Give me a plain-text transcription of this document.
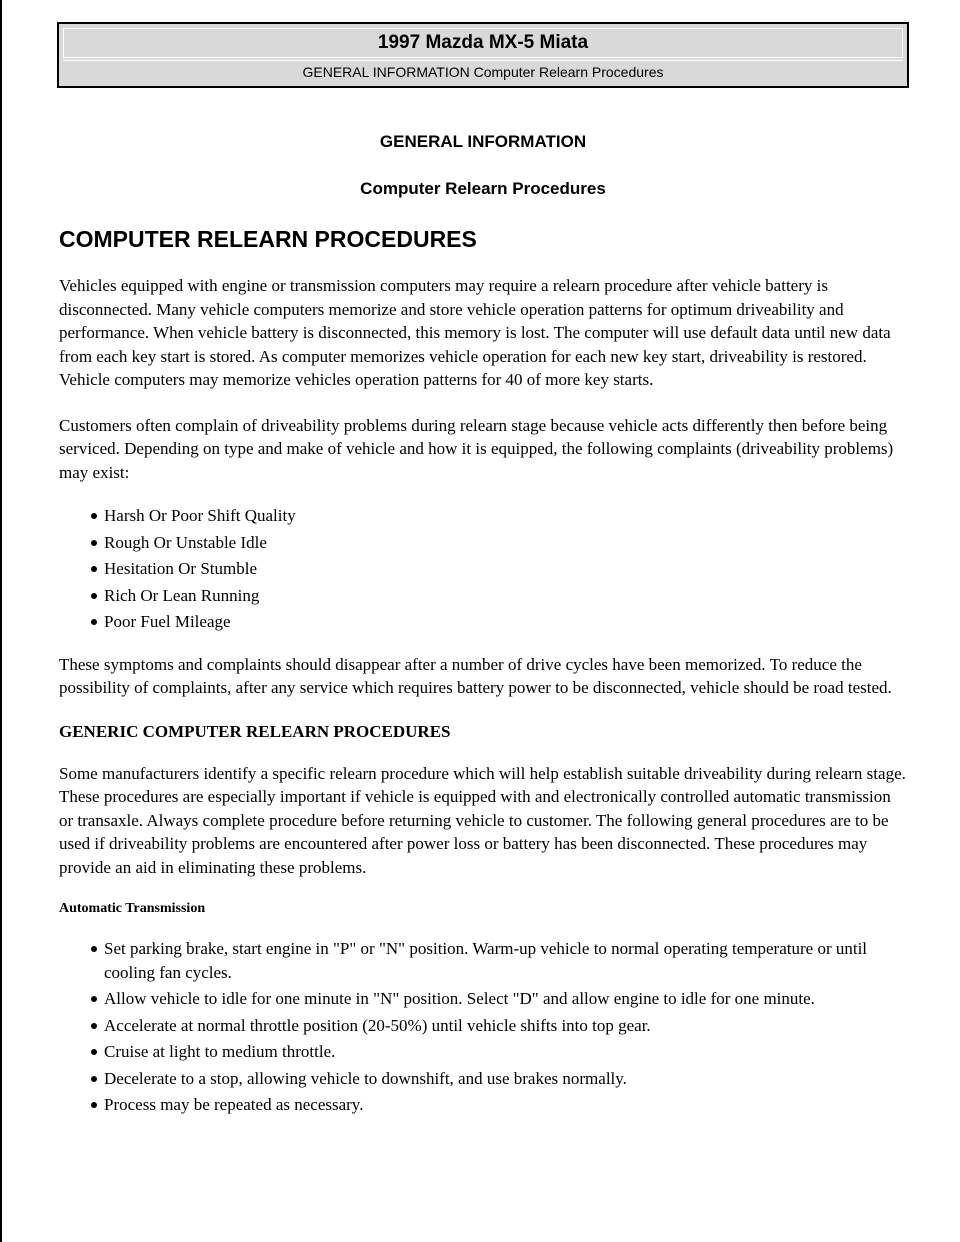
1997 Mazda MX-5 Miata
GENERAL INFORMATION Computer Relearn Procedures
GENERAL INFORMATION
Computer Relearn Procedures
COMPUTER RELEARN PROCEDURES

Vehicles equipped with engine or transmission computers may require a relearn procedure after vehicle battery is disconnected. Many vehicle computers memorize and store vehicle operation patterns for optimum driveability and performance. When vehicle battery is disconnected, this memory is lost. The computer will use default data until new data from each key start is stored. As computer memorizes vehicle operation for each new key start, driveability is restored. Vehicle computers may memorize vehicles operation patterns for 40 of more key starts.

Customers often complain of driveability problems during relearn stage because vehicle acts differently then before being serviced. Depending on type and make of vehicle and how it is equipped, the following complaints (driveability problems) may exist:

Harsh Or Poor Shift Quality
Rough Or Unstable Idle
Hesitation Or Stumble
Rich Or Lean Running
Poor Fuel Mileage

These symptoms and complaints should disappear after a number of drive cycles have been memorized. To reduce the possibility of complaints, after any service which requires battery power to be disconnected, vehicle should be road tested.

GENERIC COMPUTER RELEARN PROCEDURES

Some manufacturers identify a specific relearn procedure which will help establish suitable driveability during relearn stage. These procedures are especially important if vehicle is equipped with and electronically controlled automatic transmission or transaxle. Always complete procedure before returning vehicle to customer. The following general procedures are to be used if driveability problems are encountered after power loss or battery has been disconnected. These procedures may provide an aid in eliminating these problems.

Automatic Transmission
Set parking brake, start engine in "P" or "N" position. Warm-up vehicle to normal operating temperature or until cooling fan cycles.
Allow vehicle to idle for one minute in "N" position. Select "D" and allow engine to idle for one minute.
Accelerate at normal throttle position (20-50%) until vehicle shifts into top gear.
Cruise at light to medium throttle.
Decelerate to a stop, allowing vehicle to downshift, and use brakes normally.
Process may be repeated as necessary.
